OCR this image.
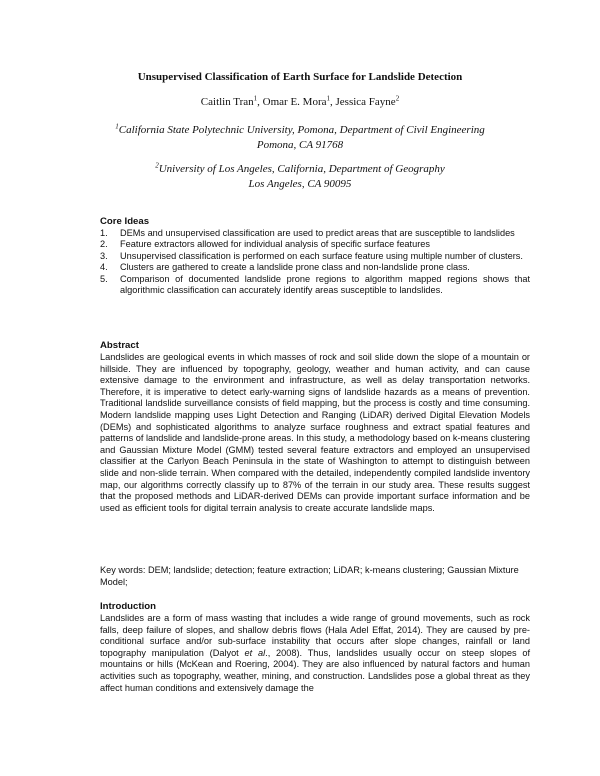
Unsupervised Classification of Earth Surface for Landslide Detection
Caitlin Tran$^1$, Omar E. Mora$^1$, Jessica Fayne$^2$
$^1$California State Polytechnic University, Pomona, Department of Civil Engineering
Pomona, CA 91768
$^2$University of Los Angeles, California, Department of Geography
Los Angeles, CA 90095
Core Ideas
1. DEMs and unsupervised classification are used to predict areas that are susceptible to landslides
2. Feature extractors allowed for individual analysis of specific surface features
3. Unsupervised classification is performed on each surface feature using multiple number of clusters.
4. Clusters are gathered to create a landslide prone class and non-landslide prone class.
5. Comparison of documented landslide prone regions to algorithm mapped regions shows that algorithmic classification can accurately identify areas susceptible to landslides.
Abstract
Landslides are geological events in which masses of rock and soil slide down the slope of a mountain or hillside. They are influenced by topography, geology, weather and human activity, and can cause extensive damage to the environment and infrastructure, as well as delay transportation networks. Therefore, it is imperative to detect early-warning signs of landslide hazards as a means of prevention. Traditional landslide surveillance consists of field mapping, but the process is costly and time consuming. Modern landslide mapping uses Light Detection and Ranging (LiDAR) derived Digital Elevation Models (DEMs) and sophisticated algorithms to analyze surface roughness and extract spatial features and patterns of landslide and landslide-prone areas. In this study, a methodology based on k-means clustering and Gaussian Mixture Model (GMM) tested several feature extractors and employed an unsupervised classifier at the Carlyon Beach Peninsula in the state of Washington to attempt to distinguish between slide and non-slide terrain. When compared with the detailed, independently compiled landslide inventory map, our algorithms correctly classify up to 87% of the terrain in our study area. These results suggest that the proposed methods and LiDAR-derived DEMs can provide important surface information and be used as efficient tools for digital terrain analysis to create accurate landslide maps.
Key words: DEM; landslide; detection; feature extraction; LiDAR; k-means clustering; Gaussian Mixture Model;
Introduction
Landslides are a form of mass wasting that includes a wide range of ground movements, such as rock falls, deep failure of slopes, and shallow debris flows (Hala Adel Effat, 2014). They are caused by pre-conditional surface and/or sub-surface instability that occurs after slope changes, rainfall or land topography manipulation (Dalyot et al., 2008). Thus, landslides usually occur on steep slopes of mountains or hills (McKean and Roering, 2004). They are also influenced by natural factors and human activities such as topography, weather, mining, and construction. Landslides pose a global threat as they affect human conditions and extensively damage the
